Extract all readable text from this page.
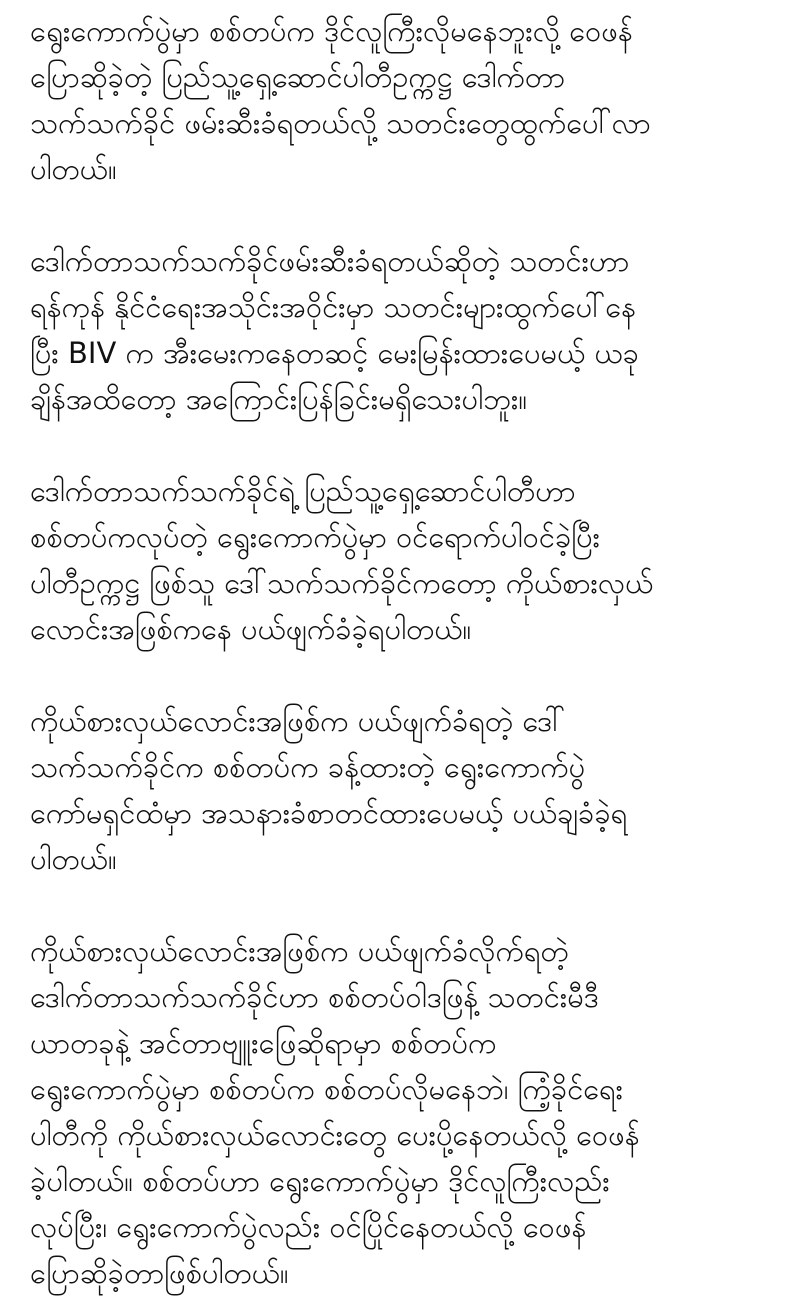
ရွေးကောက်ပွဲမှာ စစ်တပ်က ဒိုင်လူကြီးလိုမနေဘူးလို့ ဝေဖန်
ပြောဆိုခဲ့တဲ့ ပြည်သူ့ရှေ့ဆောင်ပါတီဥက္ကဋ္ဌ ဒေါက်တာ
သက်သက်ခိုင် ဖမ်းဆီးခံရတယ်လို့ သတင်းတွေထွက်ပေါ်လာ
ပါတယ်။

ဒေါက်တာသက်သက်ခိုင်ဖမ်းဆီးခံရတယ်ဆိုတဲ့ သတင်းဟာ
ရန်ကုန် နိုင်ငံရေးအသိုင်းအဝိုင်းမှာ သတင်းများထွက်ပေါ်နေ
ပြီး BIV က အီးမေးကနေတဆင့် မေးမြန်းထားပေမယ့် ယခု
ချိန်အထိတော့ အကြောင်းပြန်ခြင်းမရှိသေးပါဘူး။

ဒေါက်တာသက်သက်ခိုင်ရဲ့ ပြည်သူ့ရှေ့ဆောင်ပါတီဟာ
စစ်တပ်ကလုပ်တဲ့ ရွေးကောက်ပွဲမှာ ဝင်ရောက်ပါဝင်ခဲ့ပြီး
ပါတီဥက္ကဋ္ဌ ဖြစ်သူ ဒေါ်သက်သက်ခိုင်ကတော့ ကိုယ်စားလှယ်
လောင်းအဖြစ်ကနေ ပယ်ဖျက်ခံခဲ့ရပါတယ်။

ကိုယ်စားလှယ်လောင်းအဖြစ်က ပယ်ဖျက်ခံရတဲ့ ဒေါ်
သက်သက်ခိုင်က စစ်တပ်က ခန့်ထားတဲ့ ရွေးကောက်ပွဲ
ကော်မရှင်ထံမှာ အသနားခံစာတင်ထားပေမယ့် ပယ်ချခံခဲ့ရ
ပါတယ်။

ကိုယ်စားလှယ်လောင်းအဖြစ်က ပယ်ဖျက်ခံလိုက်ရတဲ့
ဒေါက်တာသက်သက်ခိုင်ဟာ စစ်တပ်ဝါဒဖြန့် သတင်းမီဒီ
ယာတခုနဲ့ အင်တာဗျူးဖြေဆိုရာမှာ စစ်တပ်က
ရွေးကောက်ပွဲမှာ စစ်တပ်က စစ်တပ်လိုမနေဘဲ၊ ကြံ့ခိုင်ရေး
ပါတီကို ကိုယ်စားလှယ်လောင်းတွေ ပေးပို့နေတယ်လို့ ဝေဖန်
ခဲ့ပါတယ်။ စစ်တပ်ဟာ ရွေးကောက်ပွဲမှာ ဒိုင်လူကြီးလည်း
လုပ်ပြီး၊ ရွေးကောက်ပွဲလည်း ဝင်ပြိုင်နေတယ်လို့ ဝေဖန်
ပြောဆိုခဲ့တာဖြစ်ပါတယ်။
